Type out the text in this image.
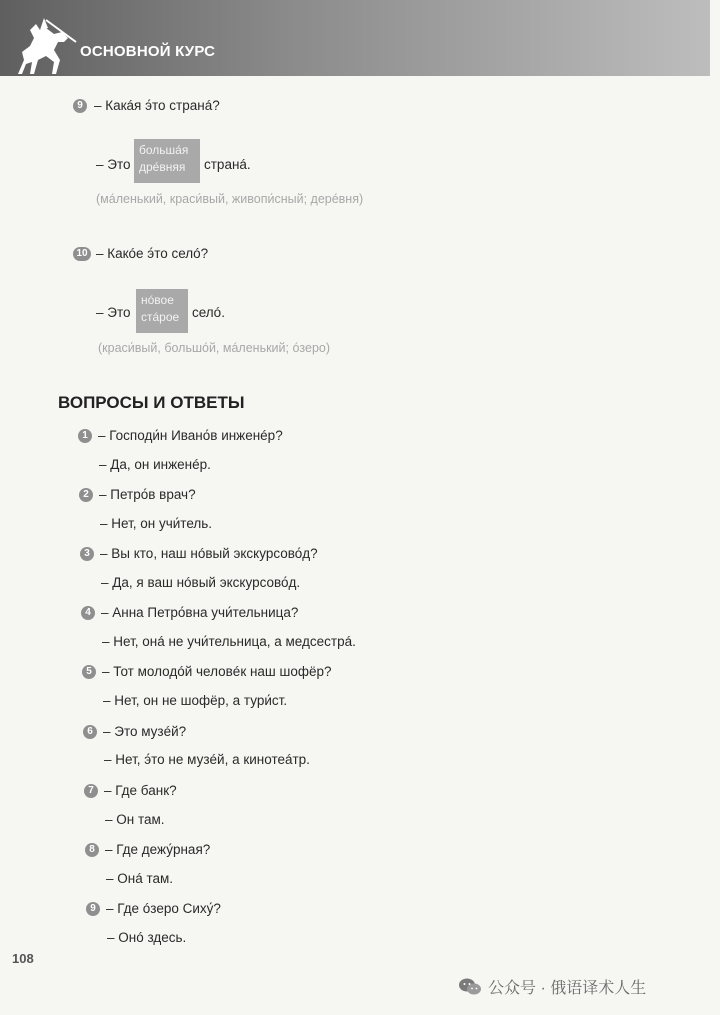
ОСНОВНОЙ КУРС
9 – Какáя э́то странá?
– Это
больша́я
дре́вняя	странá.
(мáленький, краси́вый, живопи́сный; дерéвня)
10 – Какóе э́то селó?
– Это
нóвое
стáрое селó.
(краси́вый, большóй, мáленький; óзеро)
ВОПРОСЫ И ОТВЕТЫ
1 – Господи́н Ивано́в инженéр?
– Да, он инженéр.
2 – Петро́в врач?
– Нет, он учи́тель.
3 – Вы кто, наш нóвый экскурсово́д?
– Да, я ваш нóвый экскурсово́д.
4 – Анна Петро́вна учи́тельница?
– Нет, онá не учи́тельница, а медсестрá.
5 – Тот молодóй человéк наш шофёр?
– Нет, он не шофёр, а тури́ст.
6 – Это музéй?
– Нет, э́то не музéй, а кинотеáтр.
7 – Где банк?
– Он там.
8 – Где дежу́рная?
– Онá там.
9 – Где óзеро Сиху́?
– Онó здесь.
108
公众号 · 俄语译术人生
